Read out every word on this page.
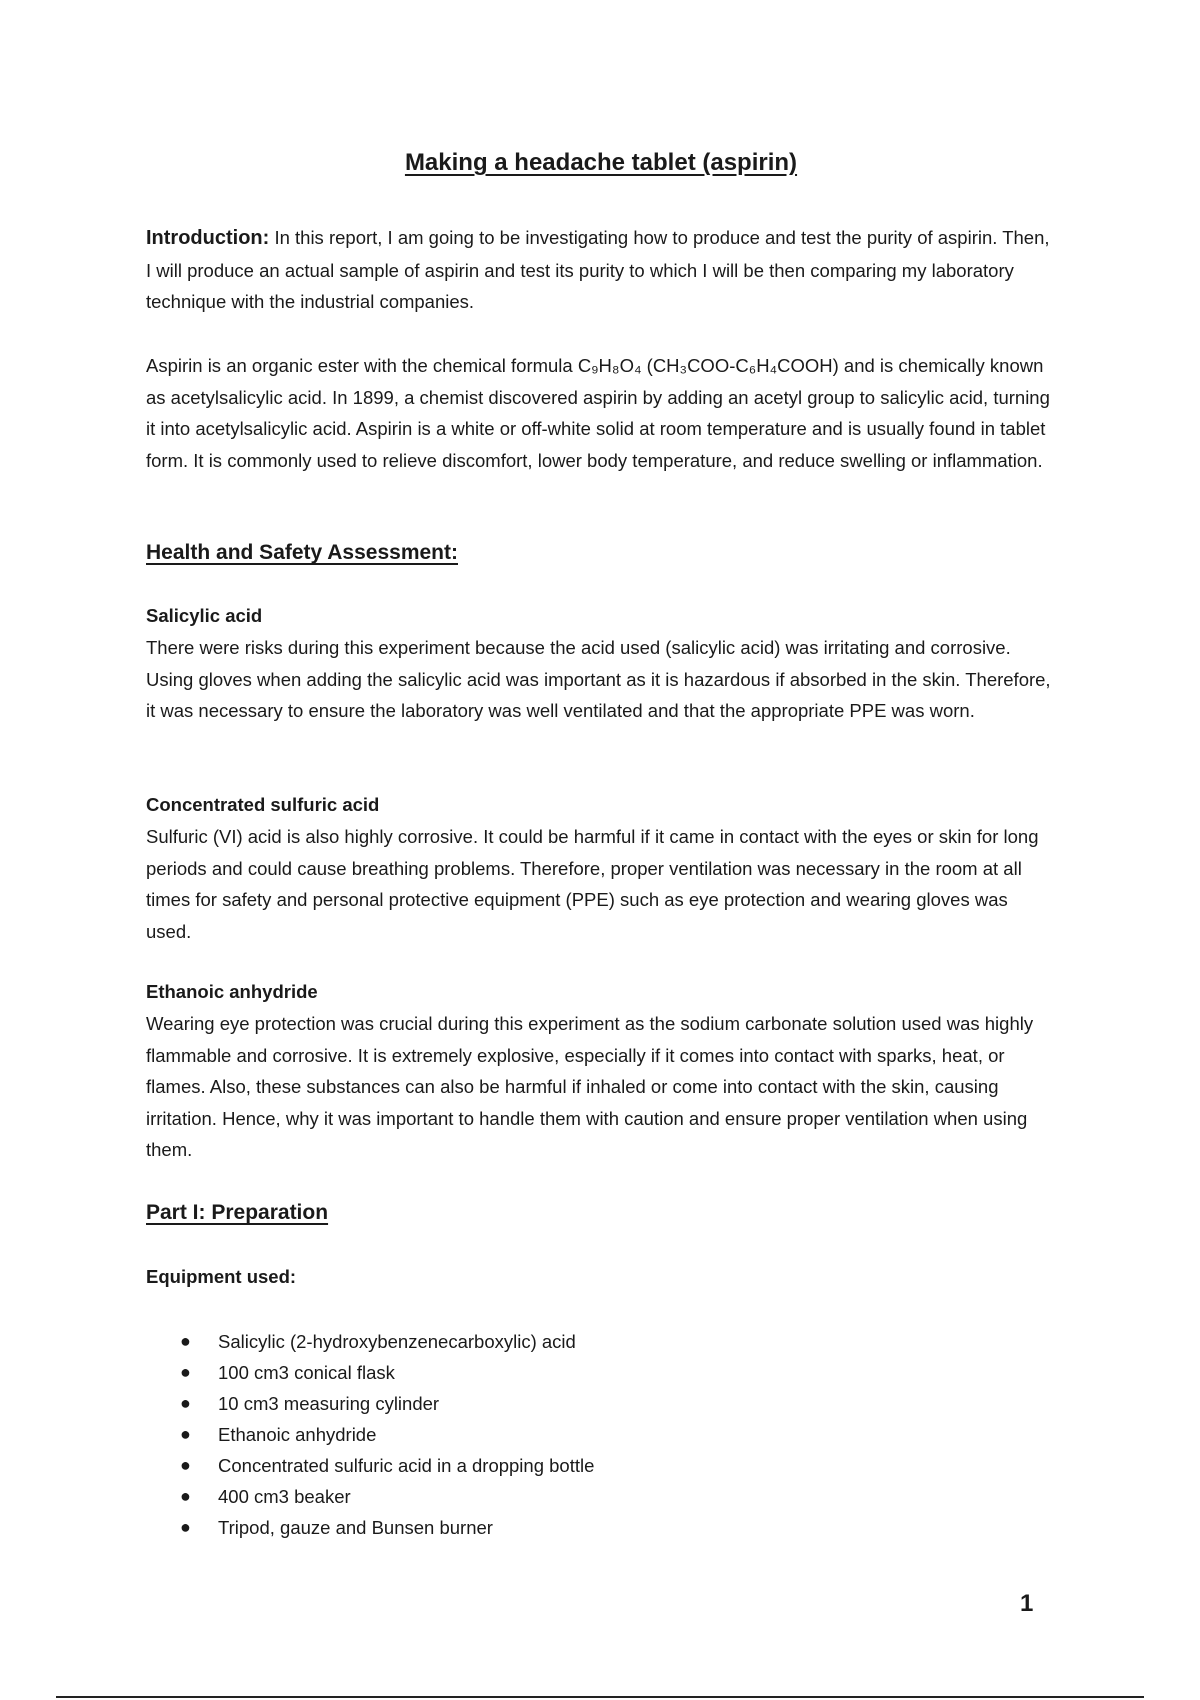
Making a headache tablet (aspirin)

Introduction: In this report, I am going to be investigating how to produce and test the purity of aspirin. Then, I will produce an actual sample of aspirin and test its purity to which I will be then comparing my laboratory technique with the industrial companies.

Aspirin is an organic ester with the chemical formula C₉H₈O₄ (CH₃COO-C₆H₄COOH) and is chemically known as acetylsalicylic acid. In 1899, a chemist discovered aspirin by adding an acetyl group to salicylic acid, turning it into acetylsalicylic acid. Aspirin is a white or off-white solid at room temperature and is usually found in tablet form. It is commonly used to relieve discomfort, lower body temperature, and reduce swelling or inflammation.

Health and Safety Assessment:
Salicylic acid

There were risks during this experiment because the acid used (salicylic acid) was irritating and corrosive. Using gloves when adding the salicylic acid was important as it is hazardous if absorbed in the skin. Therefore, it was necessary to ensure the laboratory was well ventilated and that the appropriate PPE was worn.

Concentrated sulfuric acid

Sulfuric (VI) acid is also highly corrosive. It could be harmful if it came in contact with the eyes or skin for long periods and could cause breathing problems. Therefore, proper ventilation was necessary in the room at all times for safety and personal protective equipment (PPE) such as eye protection and wearing gloves was used.

Ethanoic anhydride

Wearing eye protection was crucial during this experiment as the sodium carbonate solution used was highly flammable and corrosive. It is extremely explosive, especially if it comes into contact with sparks, heat, or flames. Also, these substances can also be harmful if inhaled or come into contact with the skin, causing irritation. Hence, why it was important to handle them with caution and ensure proper ventilation when using them.

Part I: Preparation
Equipment used:
● Salicylic (2-hydroxybenzenecarboxylic) acid
● 100 cm3 conical flask
● 10 cm3 measuring cylinder
● Ethanoic anhydride
● Concentrated sulfuric acid in a dropping bottle
● 400 cm3 beaker
● Tripod, gauze and Bunsen burner
1
